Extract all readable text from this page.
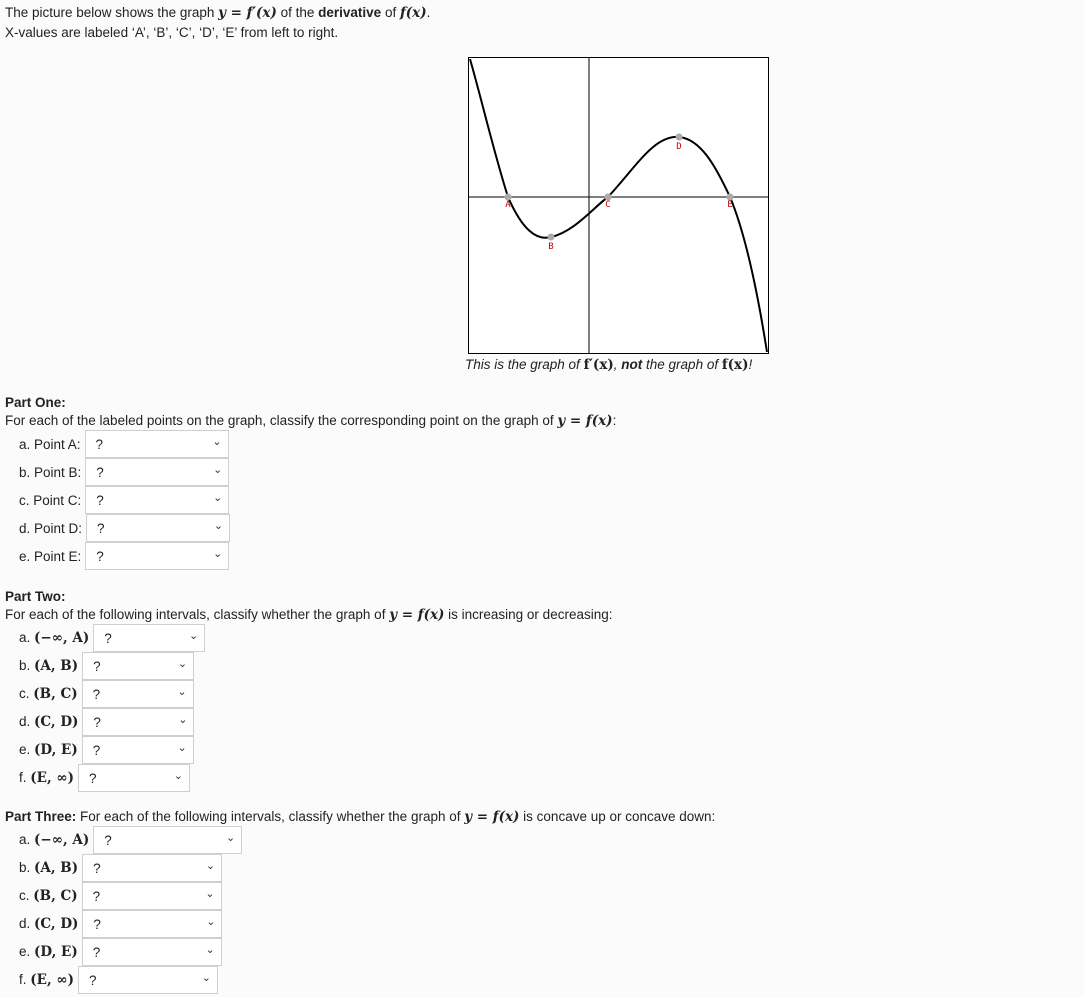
The picture below shows the graph y = f′(x) of the derivative of f(x).
X-values are labeled ‘A’, ‘B’, ‘C’, ‘D’, ‘E’ from left to right.
A
B
C
D
E
This is the graph of f′(x), not the graph of f(x)!
Part One:
For each of the labeled points on the graph, classify the corresponding point on the graph of y = f(x):
a. Point A: ?	⌄
b. Point B: ?	⌄
c. Point C: ?	⌄
d. Point D: ?	⌄
e. Point E: ?	⌄
Part Two:
For each of the following intervals, classify whether the graph of y = f(x) is increasing or decreasing:
a. (−∞, A) ?	⌄
b. (A, B) ?	⌄
c. (B, C) ?	⌄
d. (C, D) ?	⌄
e. (D, E) ?	⌄
f. (E, ∞) ?	⌄
Part Three: For each of the following intervals, classify whether the graph of y = f(x) is concave up or concave down:
a. (−∞, A) ?	⌄
b. (A, B) ?	⌄
c. (B, C) ?	⌄
d. (C, D) ?	⌄
e. (D, E) ?	⌄
f. (E, ∞) ?	⌄
